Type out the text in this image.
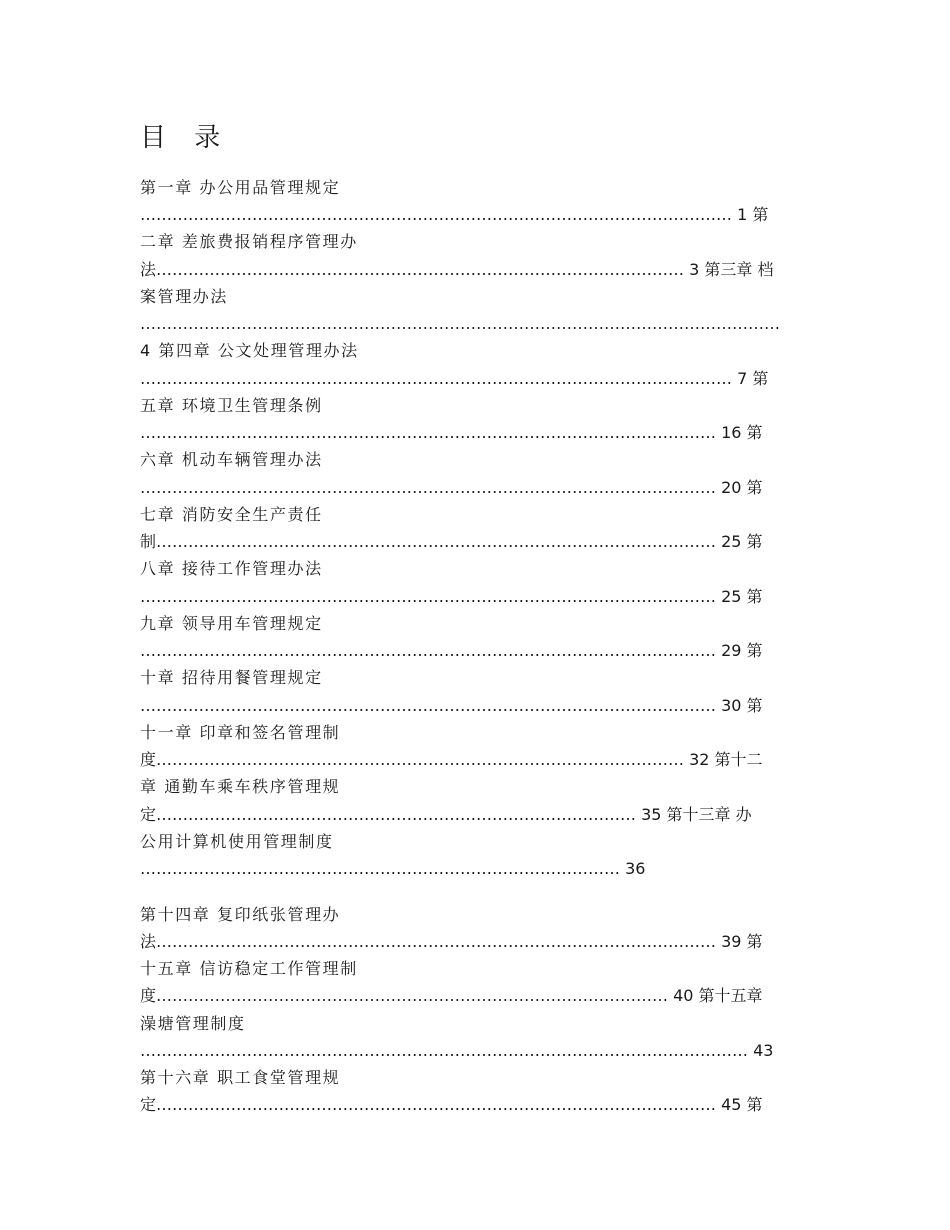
目 录
第一章 办公用品管理规定
………………………………………………………………………………………………… 1 第
二章 差旅费报销程序管理办
法……………………………………………………………………………………… 3 第三章 档
案管理办法
…………………………………………………………………………………………………………
4 第四章 公文处理管理办法
………………………………………………………………………………………………… 7 第
五章 环境卫生管理条例
……………………………………………………………………………………………… 16 第
六章 机动车辆管理办法
……………………………………………………………………………………………… 20 第
七章 消防安全生产责任
制…………………………………………………………………………………………… 25 第
八章 接待工作管理办法
……………………………………………………………………………………………… 25 第
九章 领导用车管理规定
……………………………………………………………………………………………… 29 第
十章 招待用餐管理规定
……………………………………………………………………………………………… 30 第
十一章 印章和签名管理制
度……………………………………………………………………………………… 32 第十二
章 通勤车乘车秩序管理规
定……………………………………………………………………………… 35 第十三章 办
公用计算机使用管理制度
……………………………………………………………………………… 36
第十四章 复印纸张管理办
法…………………………………………………………………………………………… 39 第
十五章 信访稳定工作管理制
度…………………………………………………………………………………… 40 第十五章
澡塘管理制度
…………………………………………………………………………………………………… 43
第十六章 职工食堂管理规
定…………………………………………………………………………………………… 45 第
